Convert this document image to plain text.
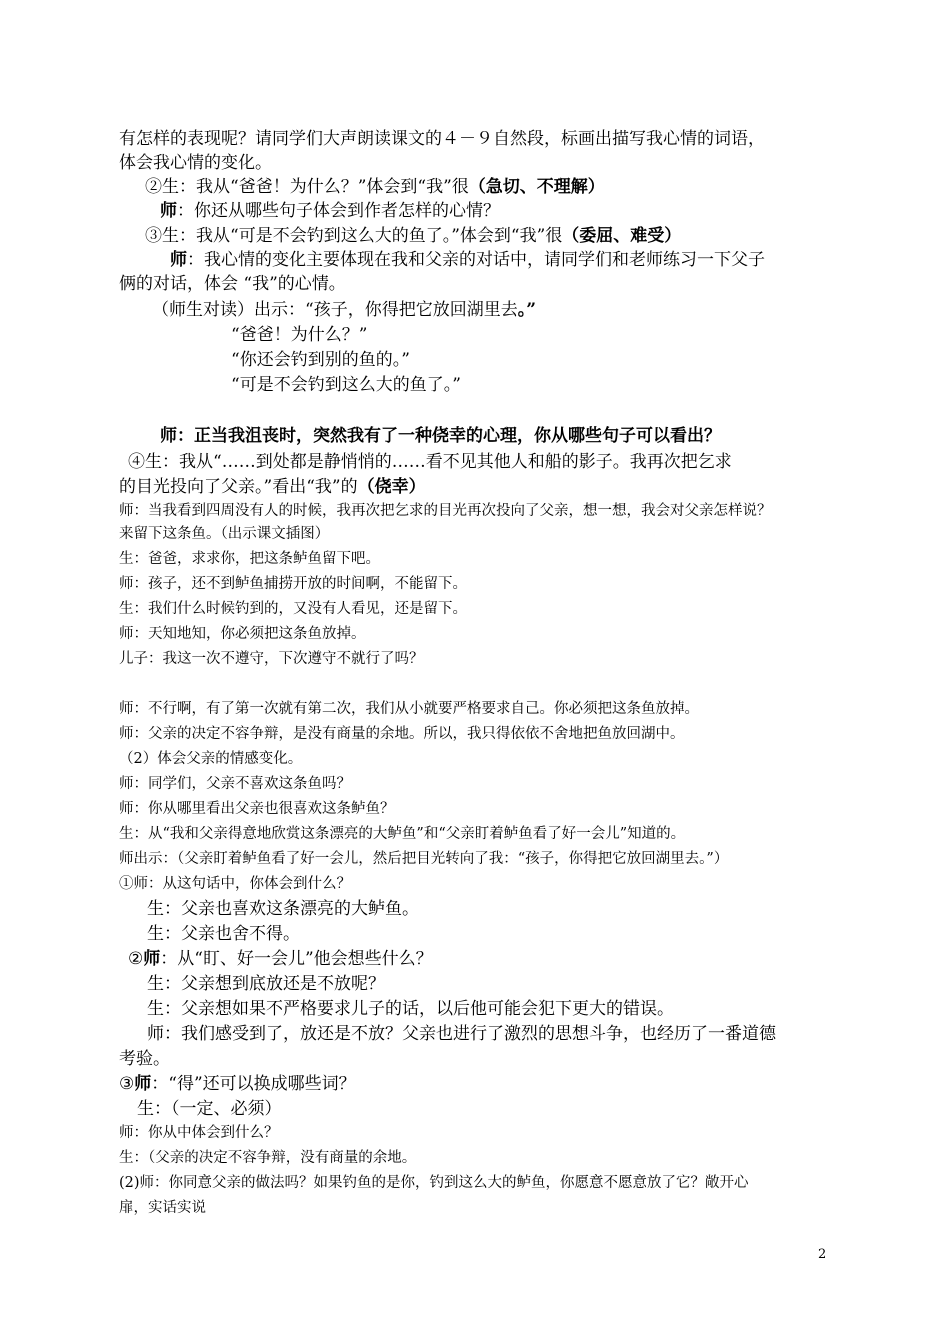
有怎样的表现呢？请同学们大声朗读课文的４－９自然段，标画出描写我心情的词语，
体会我心情的变化。
②生：我从“爸爸！为什么？”体会到“我”很（急切、不理解）
师：你还从哪些句子体会到作者怎样的心情？
③生：我从“可是不会钓到这么大的鱼了。”体会到“我”很（委屈、难受）
师：我心情的变化主要体现在我和父亲的对话中，请同学们和老师练习一下父子
俩的对话，体会 “我”的心情。
（师生对读）出示：“孩子，你得把它放回湖里去。”
“爸爸！为什么？”
“你还会钓到别的鱼的。”
“可是不会钓到这么大的鱼了。”
师：正当我沮丧时，突然我有了一种侥幸的心理，你从哪些句子可以看出？
④生：我从“……到处都是静悄悄的……看不见其他人和船的影子。我再次把乞求
的目光投向了父亲。”看出“我”的（侥幸）
师：当我看到四周没有人的时候，我再次把乞求的目光再次投向了父亲，想一想，我会对父亲怎样说？
来留下这条鱼。（出示课文插图）
生：爸爸，求求你，把这条鲈鱼留下吧。
师：孩子，还不到鲈鱼捕捞开放的时间啊，不能留下。
生：我们什么时候钓到的，又没有人看见，还是留下。
师：天知地知，你必须把这条鱼放掉。
儿子：我这一次不遵守，下次遵守不就行了吗？
师：不行啊，有了第一次就有第二次，我们从小就要严格要求自己。你必须把这条鱼放掉。
师：父亲的决定不容争辩，是没有商量的余地。所以，我只得依依不舍地把鱼放回湖中。
（2）体会父亲的情感变化。
师：同学们，父亲不喜欢这条鱼吗？
师：你从哪里看出父亲也很喜欢这条鲈鱼？
生：从“我和父亲得意地欣赏这条漂亮的大鲈鱼”和“父亲盯着鲈鱼看了好一会儿”知道的。
师出示：（父亲盯着鲈鱼看了好一会儿，然后把目光转向了我：“孩子，你得把它放回湖里去。”）
①师：从这句话中，你体会到什么？
生：父亲也喜欢这条漂亮的大鲈鱼。
生：父亲也舍不得。
②师：从“盯、好一会儿”他会想些什么？
生：父亲想到底放还是不放呢？
生：父亲想如果不严格要求儿子的话，以后他可能会犯下更大的错误。
师：我们感受到了，放还是不放？父亲也进行了激烈的思想斗争，也经历了一番道德
考验。
③师：“得”还可以换成哪些词？
生：（一定、必须）
师：你从中体会到什么？
生：（父亲的决定不容争辩，没有商量的余地。
(2)师：你同意父亲的做法吗？如果钓鱼的是你，钓到这么大的鲈鱼，你愿意不愿意放了它？敞开心
扉，实话实说
2
